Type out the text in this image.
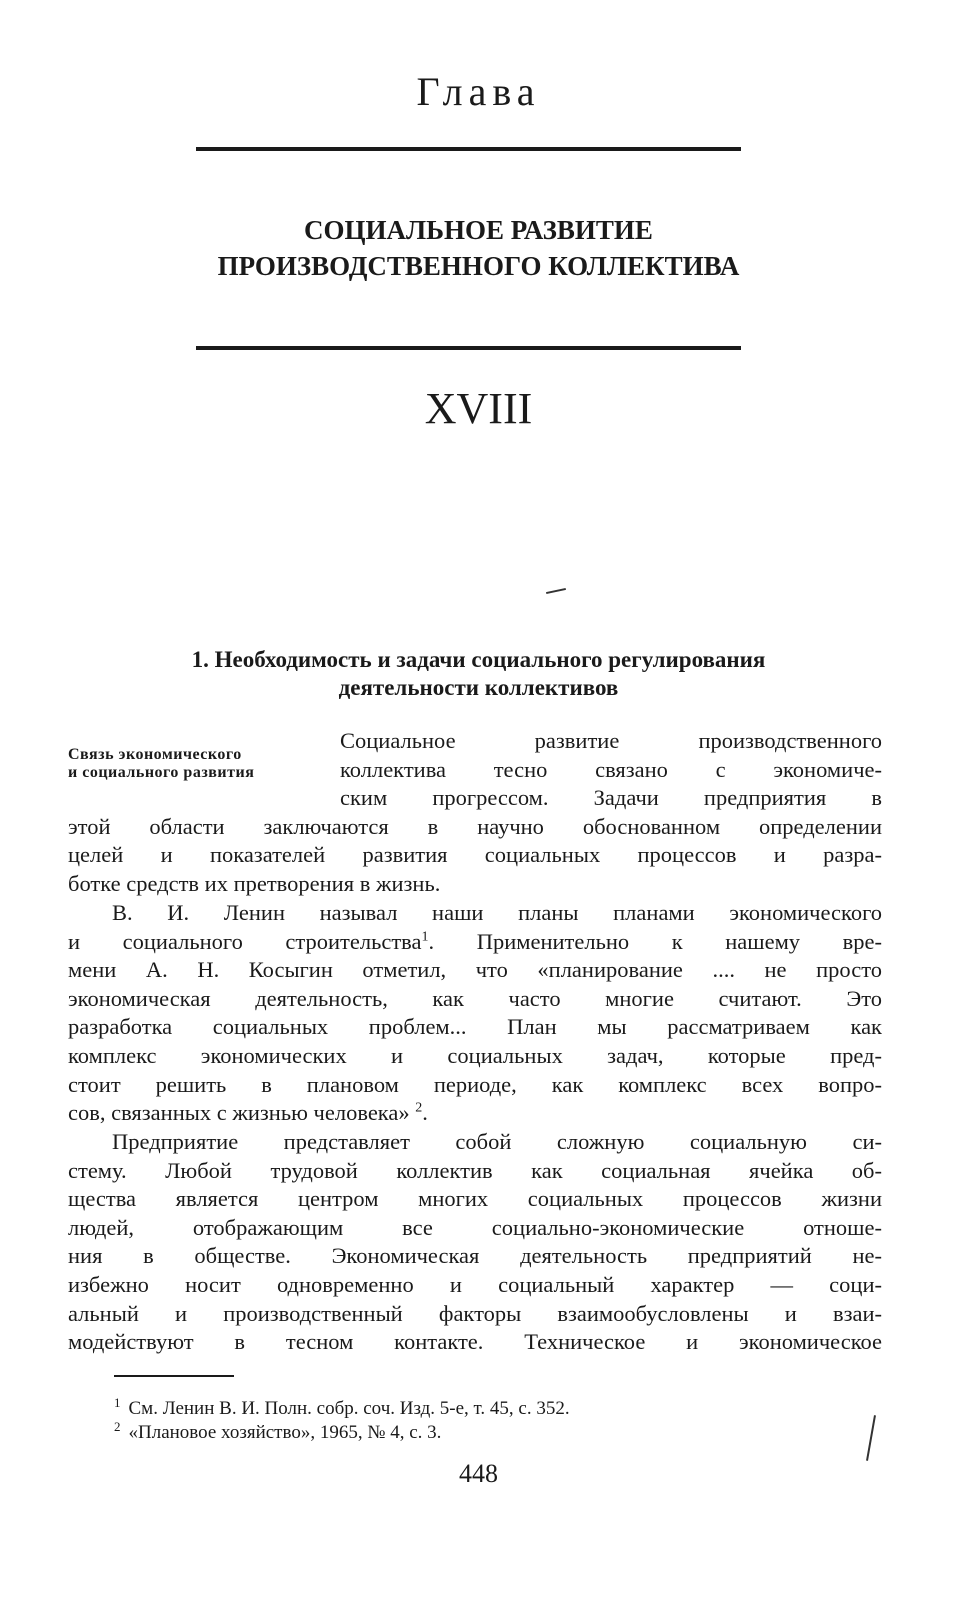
Глава
СОЦИАЛЬНОЕ РАЗВИТИЕ
ПРОИЗВОДСТВЕННОГО КОЛЛЕКТИВА
XVIII
1. Необходимость и задачи социального регулирования
деятельности коллективов
Связь экономического
и социального развития
Социальное развитие производственного
коллектива тесно связано с экономиче-
ским прогрессом. Задачи предприятия в
этой области заключаются в научно обоснованном определении
целей и показателей развития социальных процессов и разра-
ботке средств их претворения в жизнь.
В. И. Ленин называл наши планы планами экономического
и социального строительства$^1$. Применительно к нашему вре-
мени А. Н. Косыгин отметил, что «планирование .... не просто
экономическая деятельность, как часто многие считают. Это
разработка социальных проблем... План мы рассматриваем как
комплекс экономических и социальных задач, которые пред-
стоит решить в плановом периоде, как комплекс всех вопро-
сов, связанных с жизнью человека» $^2$.
Предприятие представляет собой сложную социальную си-
стему. Любой трудовой коллектив как социальная ячейка об-
щества является центром многих социальных процессов жизни
людей, отображающим все социально-экономические отноше-
ния в обществе. Экономическая деятельность предприятий не-
избежно носит одновременно и социальный характер — соци-
альный и производственный факторы взаимообусловлены и взаи-
модействуют в тесном контакте. Техническое и экономическое
$^1$ См. Ленин В. И. Полн. собр. соч. Изд. 5-е, т. 45, с. 352.
$^2$ «Плановое хозяйство», 1965, № 4, с. 3.
448
